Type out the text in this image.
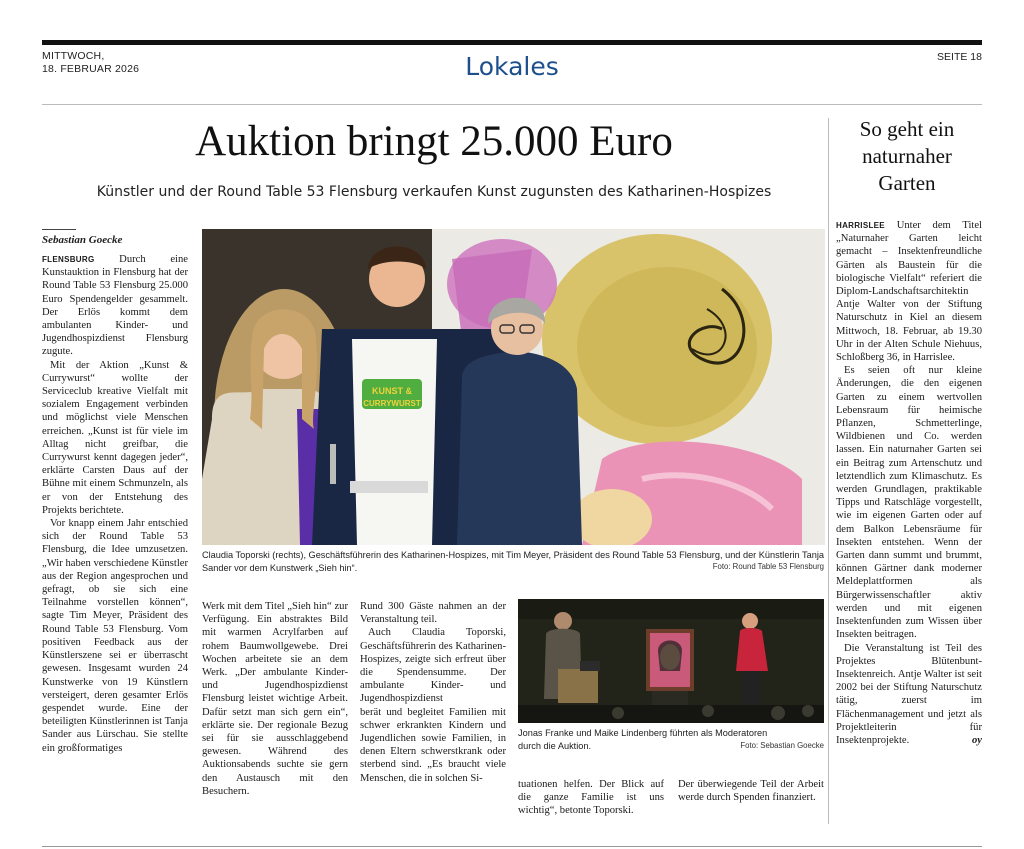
MITTWOCH,
18. FEBRUAR 2026	Lokales	SEITE 18
Auktion bringt 25.000 Euro
Künstler und der Round Table 53 Flensburg verkaufen Kunst zugunsten des Katharinen-Hospizes
So geht ein naturnaher Garten
Sebastian Goecke

FLENSBURG Durch eine Kunstauktion in Flensburg hat der Round Table 53 Flensburg 25.000 Euro Spendengelder gesammelt. Der Erlös kommt dem ambulanten Kinder- und Jugendhospizdienst Flensburg zugute.

Mit der Aktion „Kunst & Currywurst“ wollte der Serviceclub kreative Vielfalt mit sozialem Engagement verbinden und möglichst viele Menschen erreichen. „Kunst ist für viele im Alltag nicht greifbar, die Currywurst kennt dagegen jeder“, erklärte Carsten Daus auf der Bühne mit einem Schmunzeln, als er von der Entstehung des Projekts berichtete.

Vor knapp einem Jahr entschied sich der Round Table 53 Flensburg, die Idee umzusetzen. „Wir haben verschiedene Künstler aus der Region angesprochen und gefragt, ob sie sich eine Teilnahme vorstellen können“, sagte Tim Meyer, Präsident des Round Table 53 Flensburg. Vom positiven Feedback aus der Künstlerszene sei er überrascht gewesen. Insgesamt wurden 24 Kunstwerke von 19 Künstlern versteigert, deren gesamter Erlös gespendet wurde. Eine der beteiligten Künstlerinnen ist Tanja Sander aus Lürschau. Sie stellte ein großformatiges

KUNST &
CURRYWURST
Claudia Toporski (rechts), Geschäftsführerin des Katharinen-Hospizes, mit Tim Meyer, Präsident des Round Table 53 Flensburg, und der Künstlerin Tanja Sander vor dem Kunstwerk „Sieh hin“.	Foto: Round Table 53 Flensburg

Werk mit dem Titel „Sieh hin“ zur Verfügung. Ein abstraktes Bild mit warmen Acrylfarben auf rohem Baumwollgewebe. Drei Wochen arbeitete sie an dem Werk. „Der ambulante Kinder- und Jugendhospizdienst Flensburg leistet wichtige Arbeit. Dafür setzt man sich gern ein“, erklärte sie. Der regionale Bezug sei für sie ausschlaggebend gewesen. Während des Auktionsabends suchte sie gern den Austausch mit den Besuchern.

Rund 300 Gäste nahmen an der Veranstaltung teil.

Auch Claudia Toporski, Geschäftsführerin des Katharinen-Hospizes, zeigte sich erfreut über die Spendensumme. Der ambulante Kinder- und Jugendhospizdienst

berät und begleitet Familien mit schwer erkrankten Kindern und Jugendlichen sowie Familien, in denen Eltern schwerstkrank oder sterbend sind. „Es braucht viele Menschen, die in solchen Si-

Jonas Franke und Maike Lindenberg führten als Moderatoren durch die Auktion.	Foto: Sebastian Goecke

tuationen helfen. Der Blick auf die ganze Familie ist uns wichtig“, betonte Toporski.

Der überwiegende Teil der Arbeit werde durch Spenden finanziert.

HARRISLEE Unter dem Titel „Naturnaher Garten leicht gemacht – Insektenfreundliche Gärten als Baustein für die biologische Vielfalt“ referiert die Diplom-Landschaftsarchitektin Antje Walter von der Stiftung Naturschutz in Kiel an diesem Mittwoch, 18. Februar, ab 19.30 Uhr in der Alten Schule Niehuus, Schloßberg 36, in Harrislee.

Es seien oft nur kleine Änderungen, die den eigenen Garten zu einem wertvollen Lebensraum für heimische Pflanzen, Schmetterlinge, Wildbienen und Co. werden lassen. Ein naturnaher Garten sei ein Beitrag zum Artenschutz und letztendlich zum Klimaschutz. Es werden Grundlagen, praktikable Tipps und Ratschläge vorgestellt, wie im eigenen Garten oder auf dem Balkon Lebensräume für Insekten entstehen. Wenn der Garten dann summt und brummt, können Gärtner dank moderner Meldeplattformen als Bürgerwissenschaftler aktiv werden und mit eigenen Insektenfunden zum Wissen über Insekten beitragen.

Die Veranstaltung ist Teil des Projektes Blütenbunt-Insektenreich. Antje Walter ist seit 2002 bei der Stiftung Naturschutz tätig, zuerst im Flächenmanagement und jetzt als Projektleiterin für Insektenprojekte.	oy
